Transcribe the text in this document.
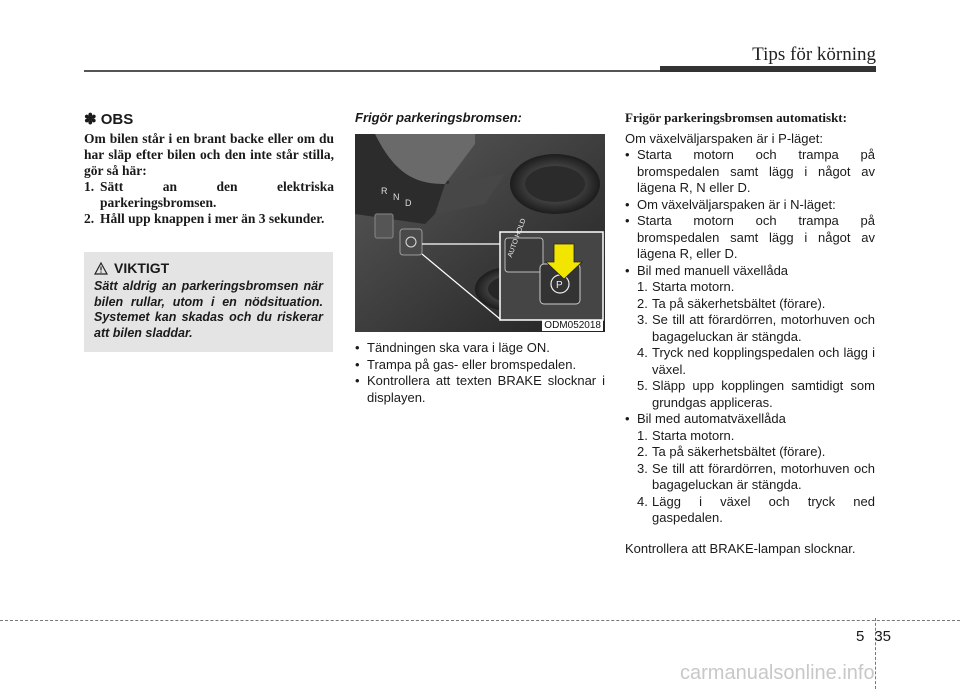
Tips för körning
✽ OBS
Om bilen står i en brant backe eller om du har släp efter bilen och den inte står stilla, gör så här:
1. Sätt an den elektriska parkeringsbromsen.
2. Håll upp knappen i mer än 3 sekunder.
VIKTIGT
Sätt aldrig an parkeringsbromsen när bilen rullar, utom i en nödsituation. Systemet kan skadas och du riskerar att bilen sladdar.
Frigör parkeringsbromsen:
R
N
D
AUTO HOLD
P
ODM052018
• Tändningen ska vara i läge ON.
• Trampa på gas- eller bromspedalen.
• Kontrollera att texten BRAKE slocknar i displayen.
Frigör parkeringsbromsen automatiskt:
Om växelväljarspaken är i P-läget:
• Starta motorn och trampa på bromspedalen samt lägg i något av lägena R, N eller D.
• Om växelväljarspaken är i N-läget:
• Starta motorn och trampa på bromspedalen samt lägg i något av lägena R, eller D.
• Bil med manuell växellåda
1. Starta motorn.
2. Ta på säkerhetsbältet (förare).
3. Se till att förardörren, motorhuven och bagageluckan är stängda.
4. Tryck ned kopplingspedalen och lägg i växel.
5. Släpp upp kopplingen samtidigt som grundgas appliceras.
• Bil med automatväxellåda
1. Starta motorn.
2. Ta på säkerhetsbältet (förare).
3. Se till att förardörren, motorhuven och bagageluckan är stängda.
4. Lägg i växel och tryck ned gaspedalen.
Kontrollera att BRAKE-lampan slocknar.
5 35
carmanualsonline.info
